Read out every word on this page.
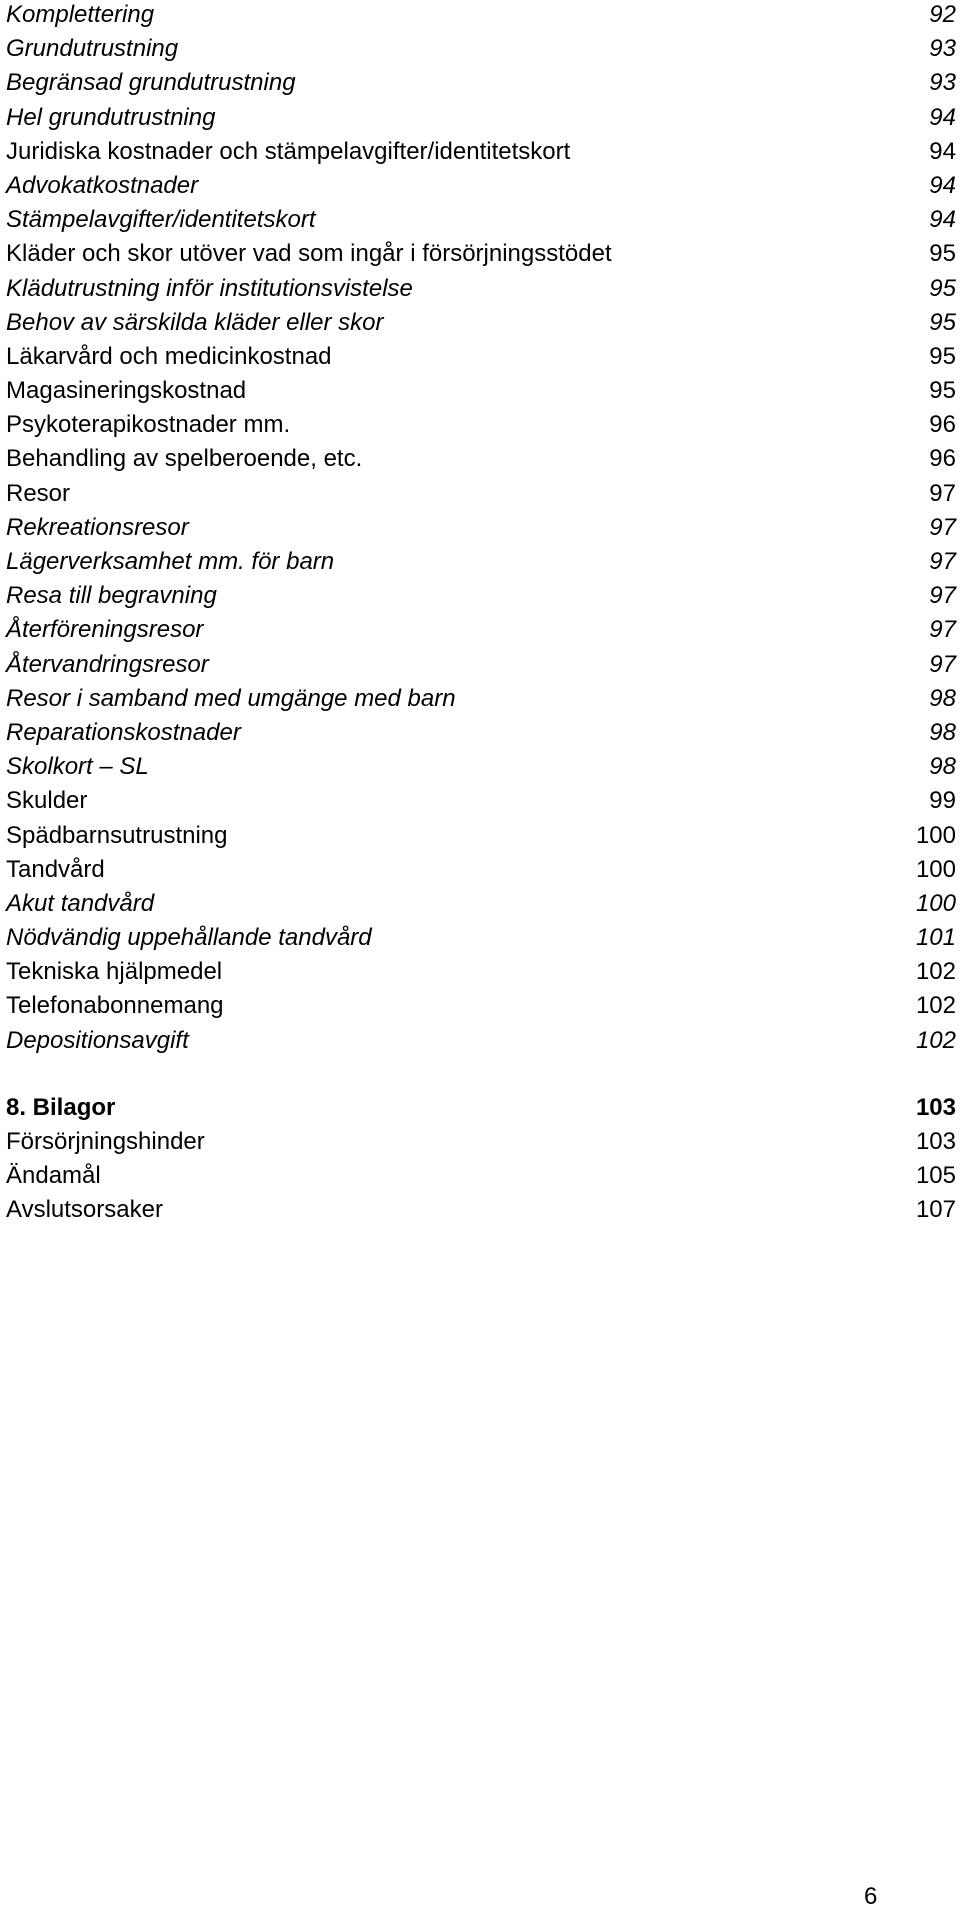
Komplettering	92
Grundutrustning	93
Begränsad grundutrustning	93
Hel grundutrustning	94
Juridiska kostnader och stämpelavgifter/identitetskort	94
Advokatkostnader	94
Stämpelavgifter/identitetskort	94
Kläder och skor utöver vad som ingår i försörjningsstödet	95
Klädutrustning inför institutionsvistelse	95
Behov av särskilda kläder eller skor	95
Läkarvård och medicinkostnad	95
Magasineringskostnad	95
Psykoterapikostnader mm.	96
Behandling av spelberoende, etc.	96
Resor	97
Rekreationsresor	97
Lägerverksamhet mm. för barn	97
Resa till begravning	97
Återföreningsresor	97
Återvandringsresor	97
Resor i samband med umgänge med barn	98
Reparationskostnader	98
Skolkort – SL	98
Skulder	99
Spädbarnsutrustning	100
Tandvård	100
Akut tandvård	100
Nödvändig uppehållande tandvård	101
Tekniska hjälpmedel	102
Telefonabonnemang	102
Depositionsavgift	102
8. Bilagor	103
Försörjningshinder	103
Ändamål	105
Avslutsorsaker	107
6
